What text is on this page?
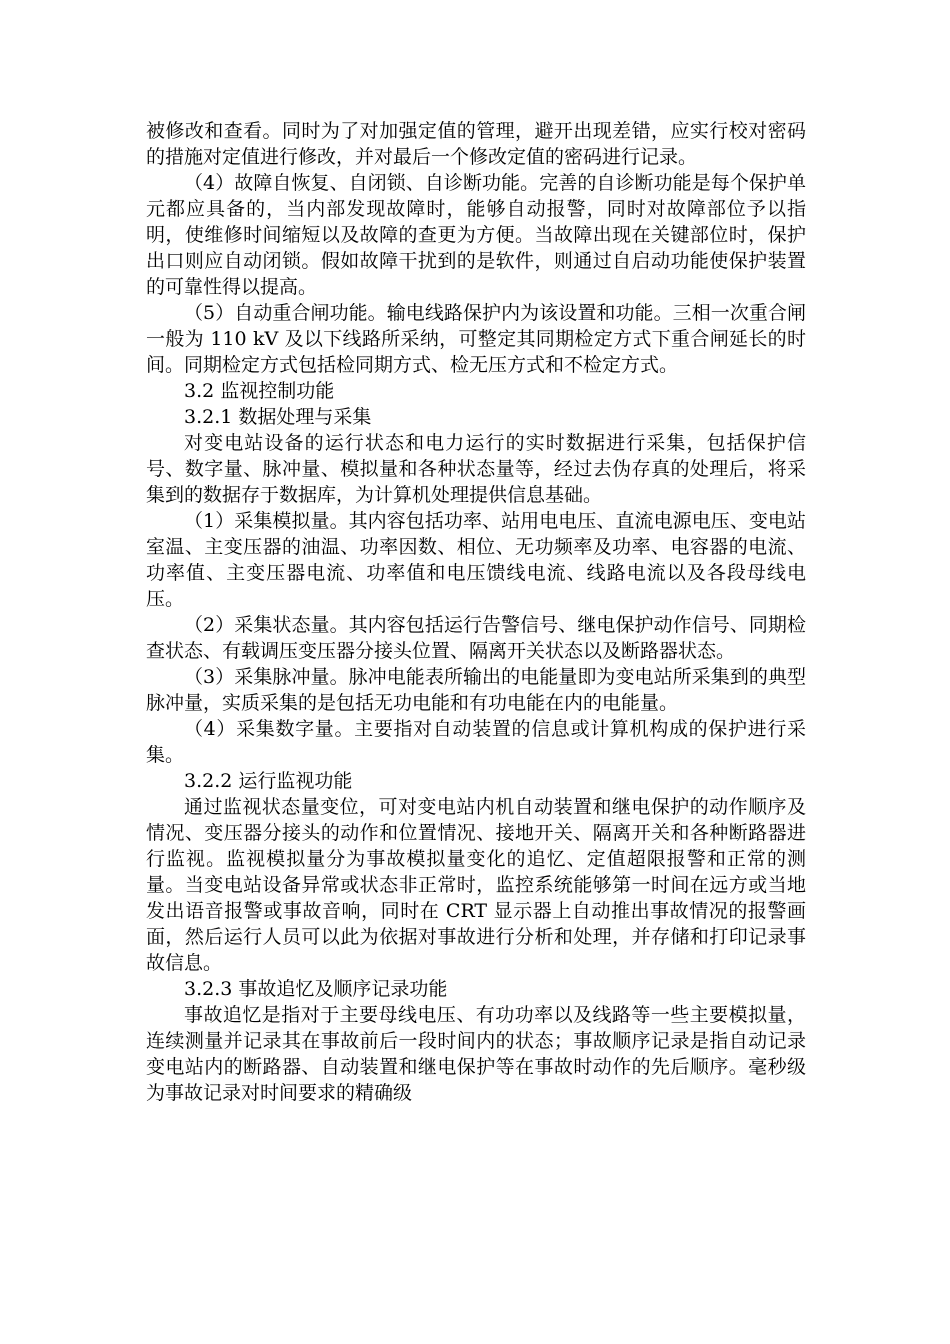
被修改和查看。同时为了对加强定值的管理，避开出现差错，应实行校对密码的措施对定值进行修改，并对最后一个修改定值的密码进行记录。

（4）故障自恢复、自闭锁、自诊断功能。完善的自诊断功能是每个保护单元都应具备的，当内部发现故障时，能够自动报警，同时对故障部位予以指明，使维修时间缩短以及故障的查更为方便。当故障出现在关键部位时，保护出口则应自动闭锁。假如故障干扰到的是软件，则通过自启动功能使保护装置的可靠性得以提高。

（5）自动重合闸功能。输电线路保护内为该设置和功能。三相一次重合闸一般为 110 kV 及以下线路所采纳，可整定其同期检定方式下重合闸延长的时间。同期检定方式包括检同期方式、检无压方式和不检定方式。

3.2 监视控制功能

3.2.1 数据处理与采集

对变电站设备的运行状态和电力运行的实时数据进行采集，包括保护信号、数字量、脉冲量、模拟量和各种状态量等，经过去伪存真的处理后，将采集到的数据存于数据库，为计算机处理提供信息基础。

（1）采集模拟量。其内容包括功率、站用电电压、直流电源电压、变电站室温、主变压器的油温、功率因数、相位、无功频率及功率、电容器的电流、功率值、主变压器电流、功率值和电压馈线电流、线路电流以及各段母线电压。

（2）采集状态量。其内容包括运行告警信号、继电保护动作信号、同期检查状态、有载调压变压器分接头位置、隔离开关状态以及断路器状态。

（3）采集脉冲量。脉冲电能表所输出的电能量即为变电站所采集到的典型脉冲量，实质采集的是包括无功电能和有功电能在内的电能量。

（4）采集数字量。主要指对自动装置的信息或计算机构成的保护进行采集。

3.2.2 运行监视功能

通过监视状态量变位，可对变电站内机自动装置和继电保护的动作顺序及情况、变压器分接头的动作和位置情况、接地开关、隔离开关和各种断路器进行监视。监视模拟量分为事故模拟量变化的追忆、定值超限报警和正常的测量。当变电站设备异常或状态非正常时，监控系统能够第一时间在远方或当地发出语音报警或事故音响，同时在 CRT 显示器上自动推出事故情况的报警画面，然后运行人员可以此为依据对事故进行分析和处理，并存储和打印记录事故信息。

3.2.3 事故追忆及顺序记录功能

事故追忆是指对于主要母线电压、有功功率以及线路等一些主要模拟量，连续测量并记录其在事故前后一段时间内的状态；事故顺序记录是指自动记录变电站内的断路器、自动装置和继电保护等在事故时动作的先后顺序。毫秒级为事故记录对时间要求的精确级
